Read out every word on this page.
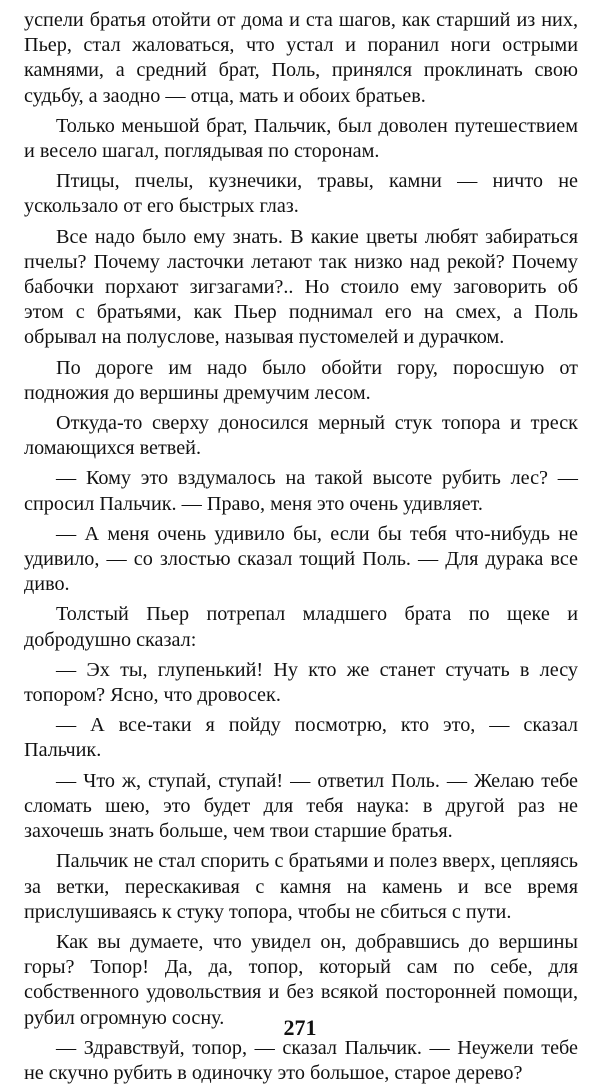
успели братья отойти от дома и ста шагов, как старший из них, Пьер, стал жаловаться, что устал и поранил ноги острыми камнями, а средний брат, Поль, принялся проклинать свою судьбу, а заодно — отца, мать и обоих братьев.

Только меньшой брат, Пальчик, был доволен путешествием и весело шагал, поглядывая по сторонам.

Птицы, пчелы, кузнечики, травы, камни — ничто не ускользало от его быстрых глаз.

Все надо было ему знать. В какие цветы любят забираться пчелы? Почему ласточки летают так низко над рекой? Почему бабочки порхают зигзагами?.. Но стоило ему заговорить об этом с братьями, как Пьер поднимал его на смех, а Поль обрывал на полуслове, называя пустомелей и дурачком.

По дороге им надо было обойти гору, поросшую от подножия до вершины дремучим лесом.

Откуда-то сверху доносился мерный стук топора и треск ломающихся ветвей.

— Кому это вздумалось на такой высоте рубить лес? — спросил Пальчик. — Право, меня это очень удивляет.

— А меня очень удивило бы, если бы тебя что-нибудь не удивило, — со злостью сказал тощий Поль. — Для дурака все диво.

Толстый Пьер потрепал младшего брата по щеке и добродушно сказал:

— Эх ты, глупенький! Ну кто же станет стучать в лесу топором? Ясно, что дровосек.

— А все-таки я пойду посмотрю, кто это, — сказал Пальчик.

— Что ж, ступай, ступай! — ответил Поль. — Желаю тебе сломать шею, это будет для тебя наука: в другой раз не захочешь знать больше, чем твои старшие братья.

Пальчик не стал спорить с братьями и полез вверх, цепляясь за ветки, перескакивая с камня на камень и все время прислушиваясь к стуку топора, чтобы не сбиться с пути.

Как вы думаете, что увидел он, добравшись до вершины горы? Топор! Да, да, топор, который сам по себе, для собственного удовольствия и без всякой посторонней помощи, рубил огромную сосну.

— Здравствуй, топор, — сказал Пальчик. — Неужели тебе не скучно рубить в одиночку это большое, старое дерево?

271
